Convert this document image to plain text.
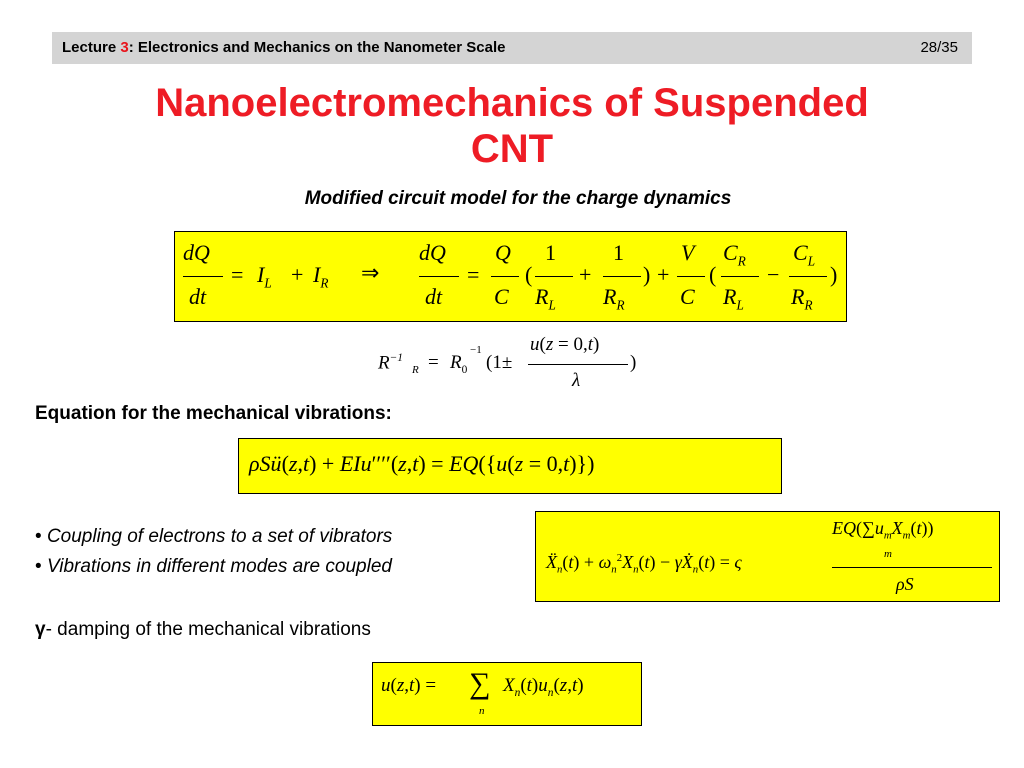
Lecture 3: Electronics and Mechanics on the Nanometer Scale	28/35
Nanoelectromechanics of Suspended
CNT
Modified circuit model for the charge dynamics
dQ
dt
= $I_L + I_R$ ⇒
dQ
dt
=
Q
C
(
1
$R_L$
+
1
$R_R$
) +
V
C
(
$C_R$
$R_L$
−
$C_L$
$R_R$
)
$R^{-1}$
$R = R_0$
−1
(1±
u(z = 0,t)
λ
)
Equation for the mechanical vibrations:
ρSü(z,t) + EIu′′′′(z,t) = EQ({u(z = 0,t)})
• Coupling of electrons to a set of vibrators
• Vibrations in different modes are coupled	$Ẍ_n(t) + \omega_n^2X_n(t)$ − $\gamma Ẋ_n(t) = \varsigma$
$EQ(\sum u_mX_m(t))$
m
ρS
γ- damping of the mechanical vibrations
u(z,t) = ∑
n
$X_n(t)u_n(z,t)$
